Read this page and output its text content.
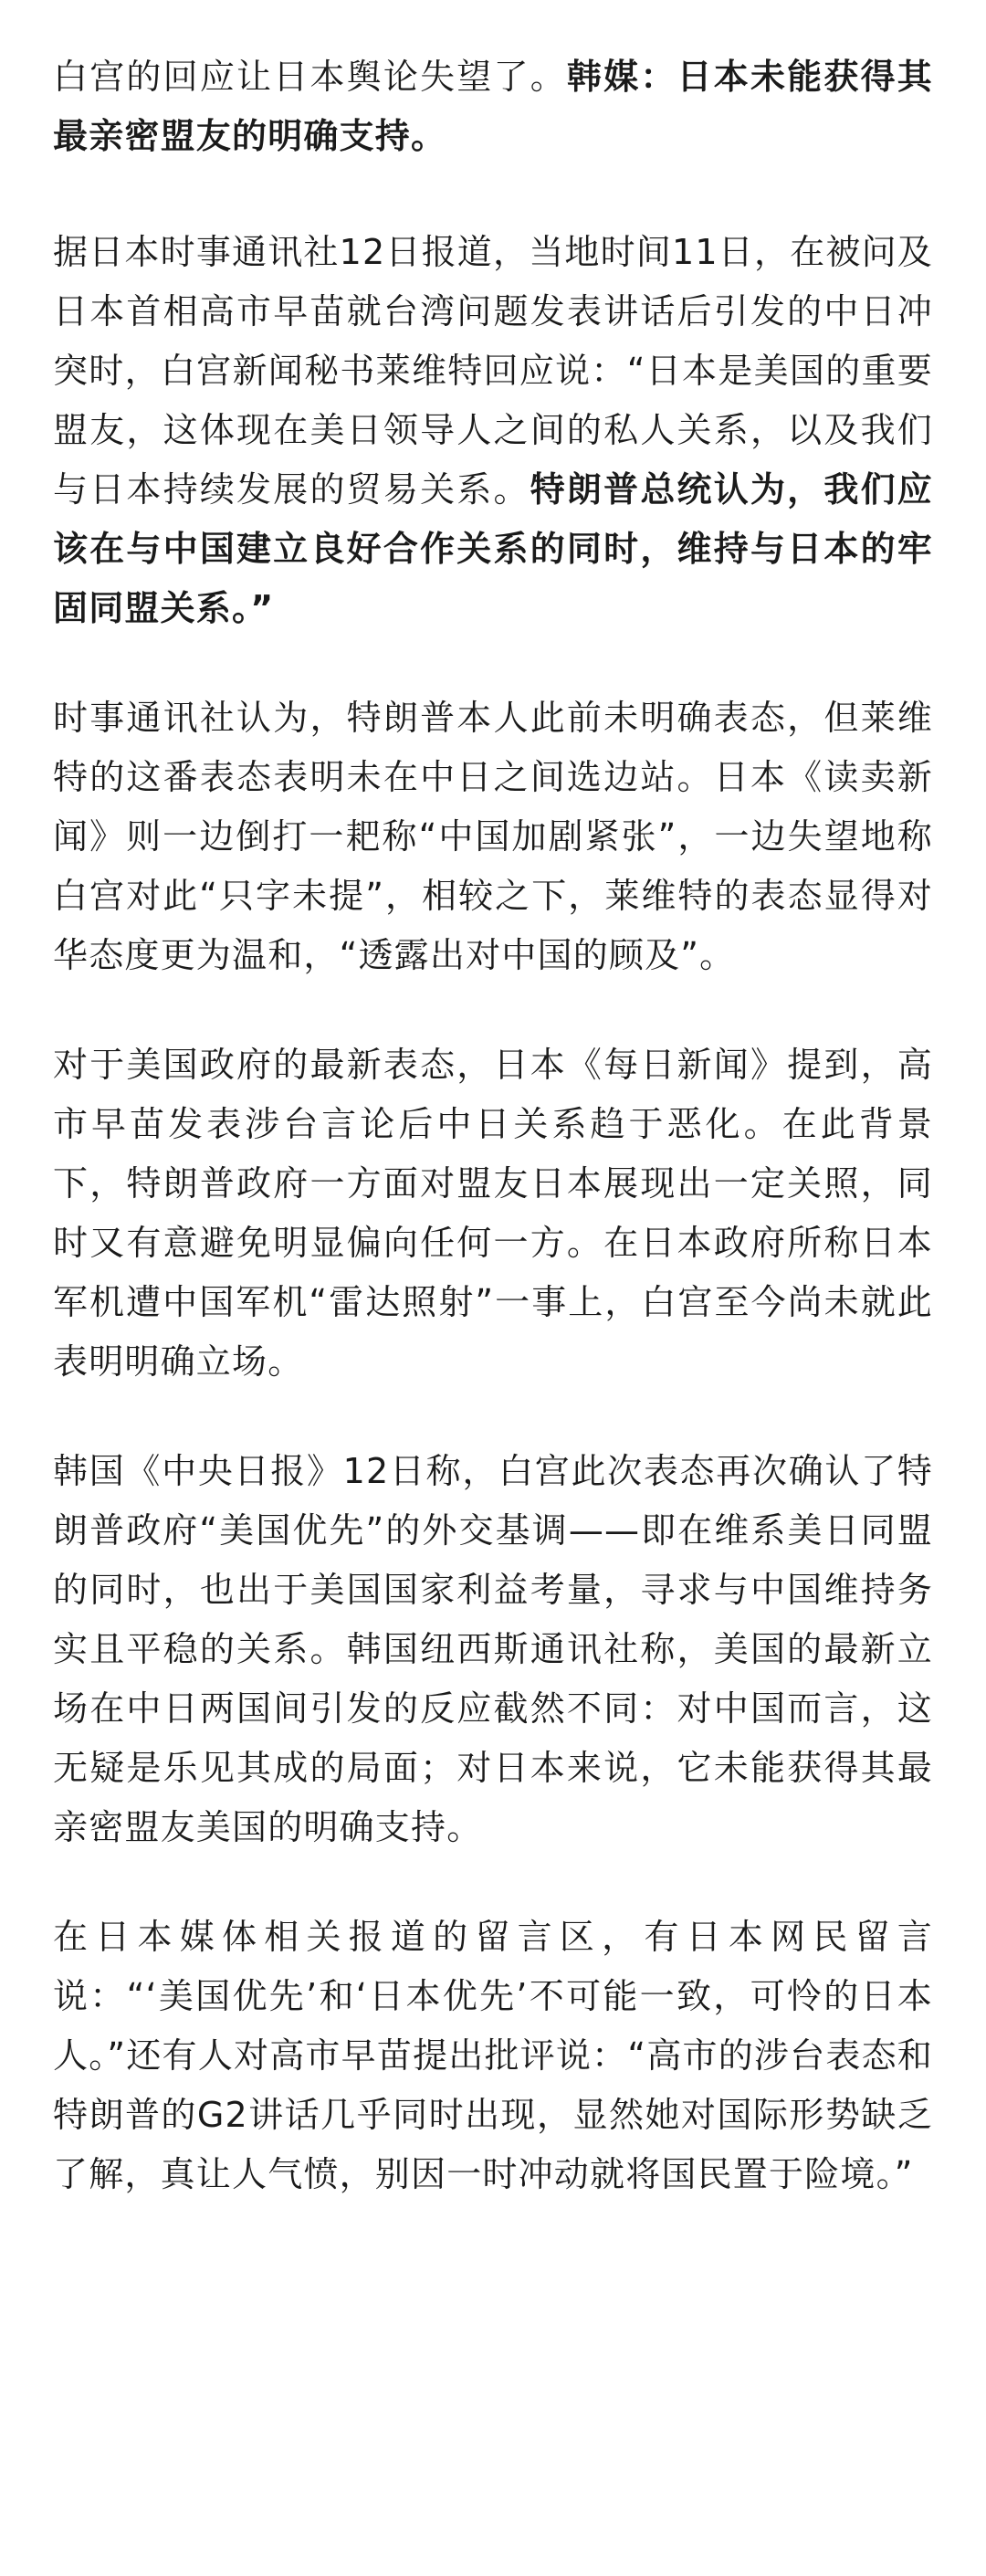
白宫的回应让日本舆论失望了。韩媒：日本未能获得其最亲密盟友的明确支持。

据日本时事通讯社12日报道，当地时间11日，在被问及日本首相高市早苗就台湾问题发表讲话后引发的中日冲突时，白宫新闻秘书莱维特回应说：“日本是美国的重要盟友，这体现在美日领导人之间的私人关系，以及我们与日本持续发展的贸易关系。特朗普总统认为，我们应该在与中国建立良好合作关系的同时，维持与日本的牢固同盟关系。”

时事通讯社认为，特朗普本人此前未明确表态，但莱维特的这番表态表明未在中日之间选边站。日本《读卖新闻》则一边倒打一耙称“中国加剧紧张”，一边失望地称白宫对此“只字未提”，相较之下，莱维特的表态显得对华态度更为温和，“透露出对中国的顾及”。

对于美国政府的最新表态，日本《每日新闻》提到，高市早苗发表涉台言论后中日关系趋于恶化。在此背景下，特朗普政府一方面对盟友日本展现出一定关照，同时又有意避免明显偏向任何一方。在日本政府所称日本军机遭中国军机“雷达照射”一事上，白宫至今尚未就此表明明确立场。

韩国《中央日报》12日称，白宫此次表态再次确认了特朗普政府“美国优先”的外交基调——即在维系美日同盟的同时，也出于美国国家利益考量，寻求与中国维持务实且平稳的关系。韩国纽西斯通讯社称，美国的最新立场在中日两国间引发的反应截然不同：对中国而言，这无疑是乐见其成的局面；对日本来说，它未能获得其最亲密盟友美国的明确支持。

在日本媒体相关报道的留言区，有日本网民留言说：“‘美国优先’和‘日本优先’不可能一致，可怜的日本人。”还有人对高市早苗提出批评说：“高市的涉台表态和特朗普的G2讲话几乎同时出现，显然她对国际形势缺乏了解，真让人气愤，别因一时冲动就将国民置于险境。”
